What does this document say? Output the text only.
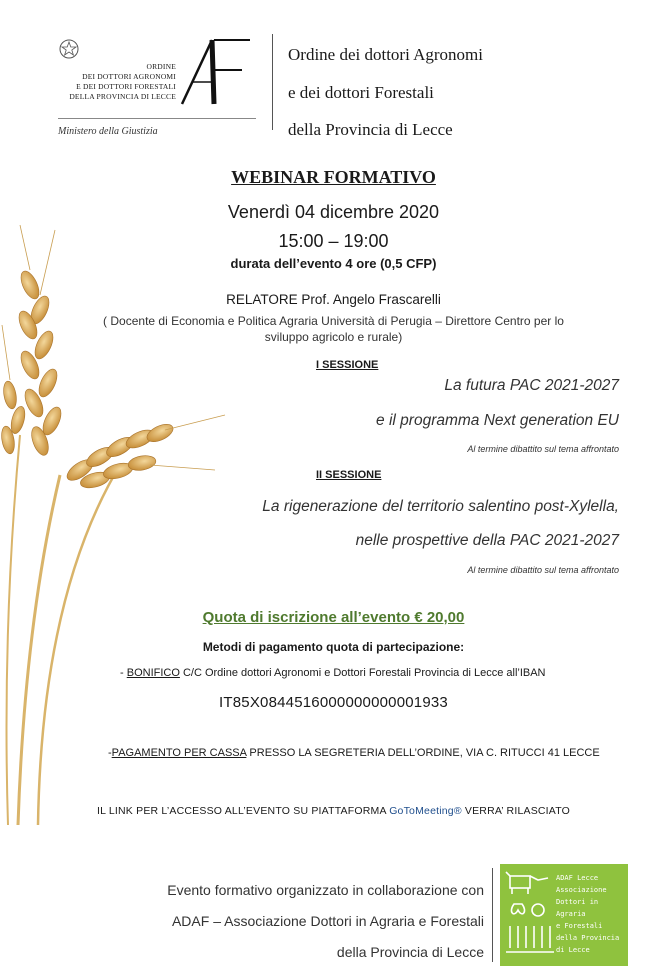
ORDINE
DEI DOTTORI AGRONOMI
E DEI DOTTORI FORESTALI
DELLA PROVINCIA DI LECCE
Ministero della Giustizia
Ordine dei dottori Agronomi
e dei dottori Forestali
della Provincia di Lecce
WEBINAR FORMATIVO
Venerdì 04 dicembre 2020
15:00 – 19:00
durata dell’evento 4 ore (0,5 CFP)
RELATORE Prof. Angelo Frascarelli
( Docente di Economia e Politica Agraria Università di Perugia – Direttore Centro per lo
sviluppo agricolo e rurale)
I SESSIONE
La futura PAC 2021-2027
e il programma Next generation EU
Al termine dibattito sul tema affrontato
II SESSIONE
La rigenerazione del territorio salentino post-Xylella,
nelle prospettive della PAC 2021-2027
Al termine dibattito sul tema affrontato
Quota di iscrizione all’evento € 20,00
Metodi di pagamento quota di partecipazione:
- BONIFICO C/C Ordine dottori Agronomi e Dottori Forestali Provincia di Lecce all’IBAN
IT85X0844516000000000001933
-PAGAMENTO PER CASSA PRESSO LA SEGRETERIA DELL’ORDINE, VIA C. RITUCCI 41 LECCE
IL LINK PER L’ACCESSO ALL’EVENTO SU PIATTAFORMA GoToMeeting® VERRA’ RILASCIATO
Evento formativo organizzato in collaborazione con
ADAF – Associazione Dottori in Agraria e Forestali
della Provincia di Lecce
ADAF Lecce
Associazione
Dottori in Agraria
e Forestali
della Provincia
di Lecce
